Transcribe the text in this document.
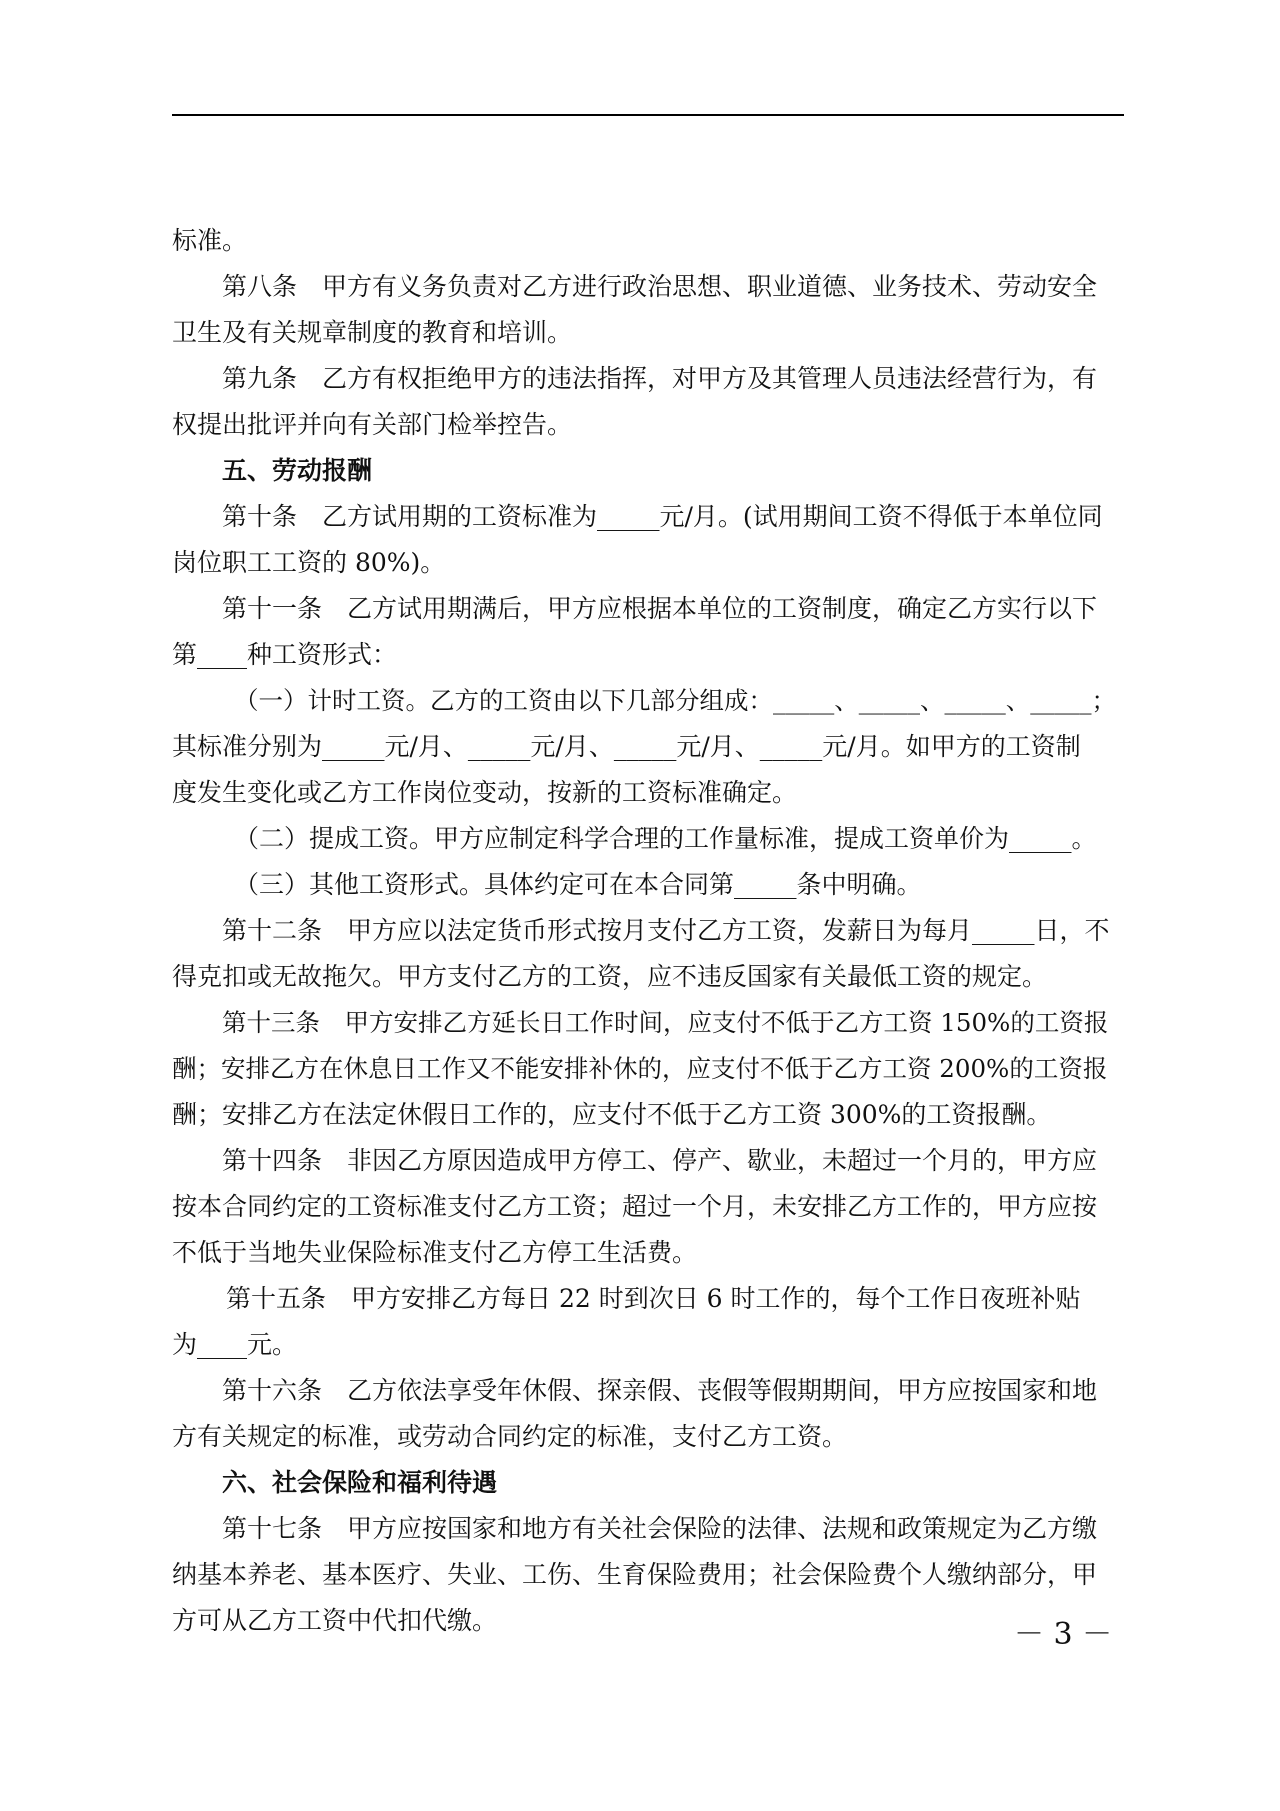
标准。
第八条　甲方有义务负责对乙方进行政治思想、职业道德、业务技术、劳动安全
卫生及有关规章制度的教育和培训。
第九条　乙方有权拒绝甲方的违法指挥，对甲方及其管理人员违法经营行为，有
权提出批评并向有关部门检举控告。
五、劳动报酬
第十条　乙方试用期的工资标准为_____元/月。(试用期间工资不得低于本单位同
岗位职工工资的 80%)。
第十一条　乙方试用期满后，甲方应根据本单位的工资制度，确定乙方实行以下
第____种工资形式：
（一）计时工资。乙方的工资由以下几部分组成：_____、_____、_____、_____；
其标准分别为_____元/月、_____元/月、_____元/月、_____元/月。如甲方的工资制
度发生变化或乙方工作岗位变动，按新的工资标准确定。
（二）提成工资。甲方应制定科学合理的工作量标准，提成工资单价为_____。
（三）其他工资形式。具体约定可在本合同第_____条中明确。
第十二条　甲方应以法定货币形式按月支付乙方工资，发薪日为每月_____日，不
得克扣或无故拖欠。甲方支付乙方的工资，应不违反国家有关最低工资的规定。
第十三条　甲方安排乙方延长日工作时间，应支付不低于乙方工资 150%的工资报
酬；安排乙方在休息日工作又不能安排补休的，应支付不低于乙方工资 200%的工资报
酬；安排乙方在法定休假日工作的，应支付不低于乙方工资 300%的工资报酬。
第十四条　非因乙方原因造成甲方停工、停产、歇业，未超过一个月的，甲方应
按本合同约定的工资标准支付乙方工资；超过一个月，未安排乙方工作的，甲方应按
不低于当地失业保险标准支付乙方停工生活费。
第十五条　甲方安排乙方每日 22 时到次日 6 时工作的，每个工作日夜班补贴
为____元。
第十六条　乙方依法享受年休假、探亲假、丧假等假期期间，甲方应按国家和地
方有关规定的标准，或劳动合同约定的标准，支付乙方工资。
六、社会保险和福利待遇
第十七条　甲方应按国家和地方有关社会保险的法律、法规和政策规定为乙方缴
纳基本养老、基本医疗、失业、工伤、生育保险费用；社会保险费个人缴纳部分，甲
方可从乙方工资中代扣代缴。	－ 3 －
